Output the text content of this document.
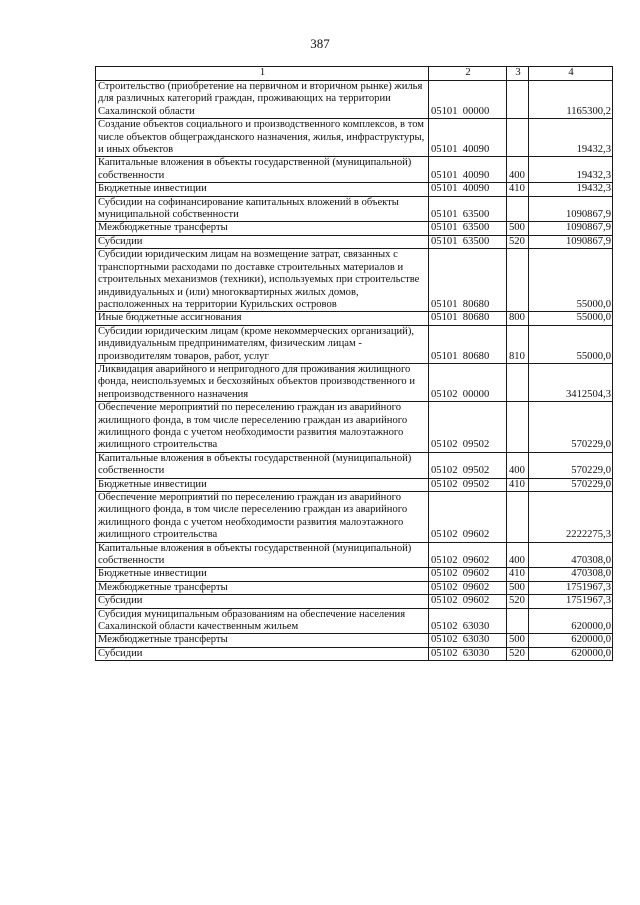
387
1	2	3	4
Строительство (приобретение на первичном и вторичном рынке) жилья для различных категорий граждан, проживающих на территории Сахалинской области	05101  00000		1165300,2
Создание объектов социального и производственного комплексов, в том числе объектов общегражданского назначения, жилья, инфраструктуры, и иных объектов	05101  40090		19432,3
Капитальные вложения в объекты государственной (муниципальной) собственности	05101  40090	400	19432,3
Бюджетные инвестиции	05101  40090	410	19432,3
Субсидии на софинансирование капитальных вложений в объекты муниципальной собственности	05101  63500		1090867,9
Межбюджетные трансферты	05101  63500	500	1090867,9
Субсидии	05101  63500	520	1090867,9
Субсидии юридическим лицам на возмещение затрат, связанных с транспортными расходами по доставке строительных материалов и строительных механизмов (техники), используемых при строительстве индивидуальных и (или) многоквартирных жилых домов, расположенных на территории Курильских островов	05101  80680		55000,0
Иные бюджетные ассигнования	05101  80680	800	55000,0
Субсидии юридическим лицам (кроме некоммерческих организаций), индивидуальным предпринимателям, физическим лицам - производителям товаров, работ, услуг	05101  80680	810	55000,0
Ликвидация аварийного и непригодного для проживания жилищного фонда, неиспользуемых и бесхозяйных объектов производственного и непроизводственного назначения	05102  00000		3412504,3
Обеспечение мероприятий по переселению граждан из аварийного жилищного фонда, в том числе переселению граждан из аварийного жилищного фонда с учетом необходимости развития малоэтажного жилищного строительства	05102  09502		570229,0
Капитальные вложения в объекты государственной (муниципальной) собственности	05102  09502	400	570229,0
Бюджетные инвестиции	05102  09502	410	570229,0
Обеспечение мероприятий по переселению граждан из аварийного жилищного фонда, в том числе переселению граждан из аварийного жилищного фонда с учетом необходимости развития малоэтажного жилищного строительства	05102  09602		2222275,3
Капитальные вложения в объекты государственной (муниципальной) собственности	05102  09602	400	470308,0
Бюджетные инвестиции	05102  09602	410	470308,0
Межбюджетные трансферты	05102  09602	500	1751967,3
Субсидии	05102  09602	520	1751967,3
Субсидия муниципальным образованиям на обеспечение населения Сахалинской области качественным жильем	05102  63030		620000,0
Межбюджетные трансферты	05102  63030	500	620000,0
Субсидии	05102  63030	520	620000,0
